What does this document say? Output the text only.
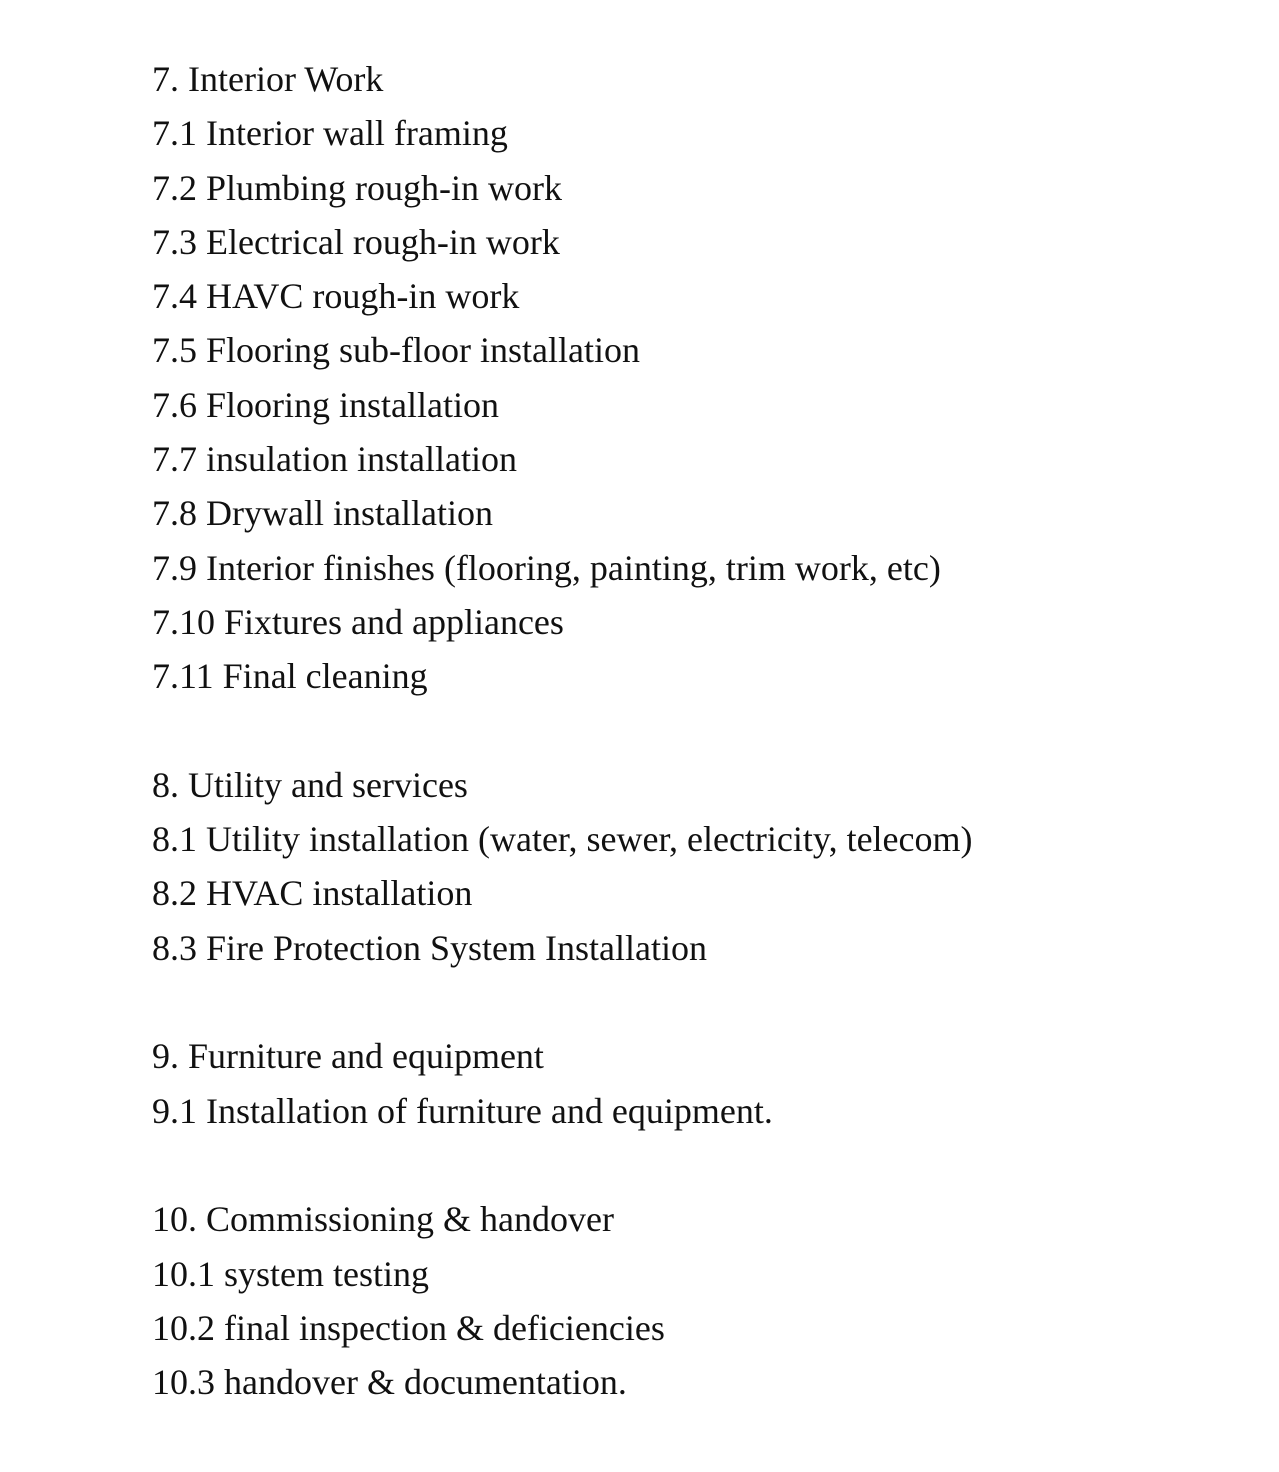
7. Interior Work
7.1 Interior wall framing
7.2 Plumbing rough-in work
7.3 Electrical rough-in work
7.4 HAVC rough-in work
7.5 Flooring sub-floor installation
7.6 Flooring installation
7.7 insulation installation
7.8 Drywall installation
7.9 Interior finishes (flooring, painting, trim work, etc)
7.10 Fixtures and appliances
7.11 Final cleaning
8. Utility and services
8.1 Utility installation (water, sewer, electricity, telecom)
8.2 HVAC installation
8.3 Fire Protection System Installation
9. Furniture and equipment
9.1 Installation of furniture and equipment.
10. Commissioning & handover
10.1 system testing
10.2 final inspection & deficiencies
10.3 handover & documentation.
